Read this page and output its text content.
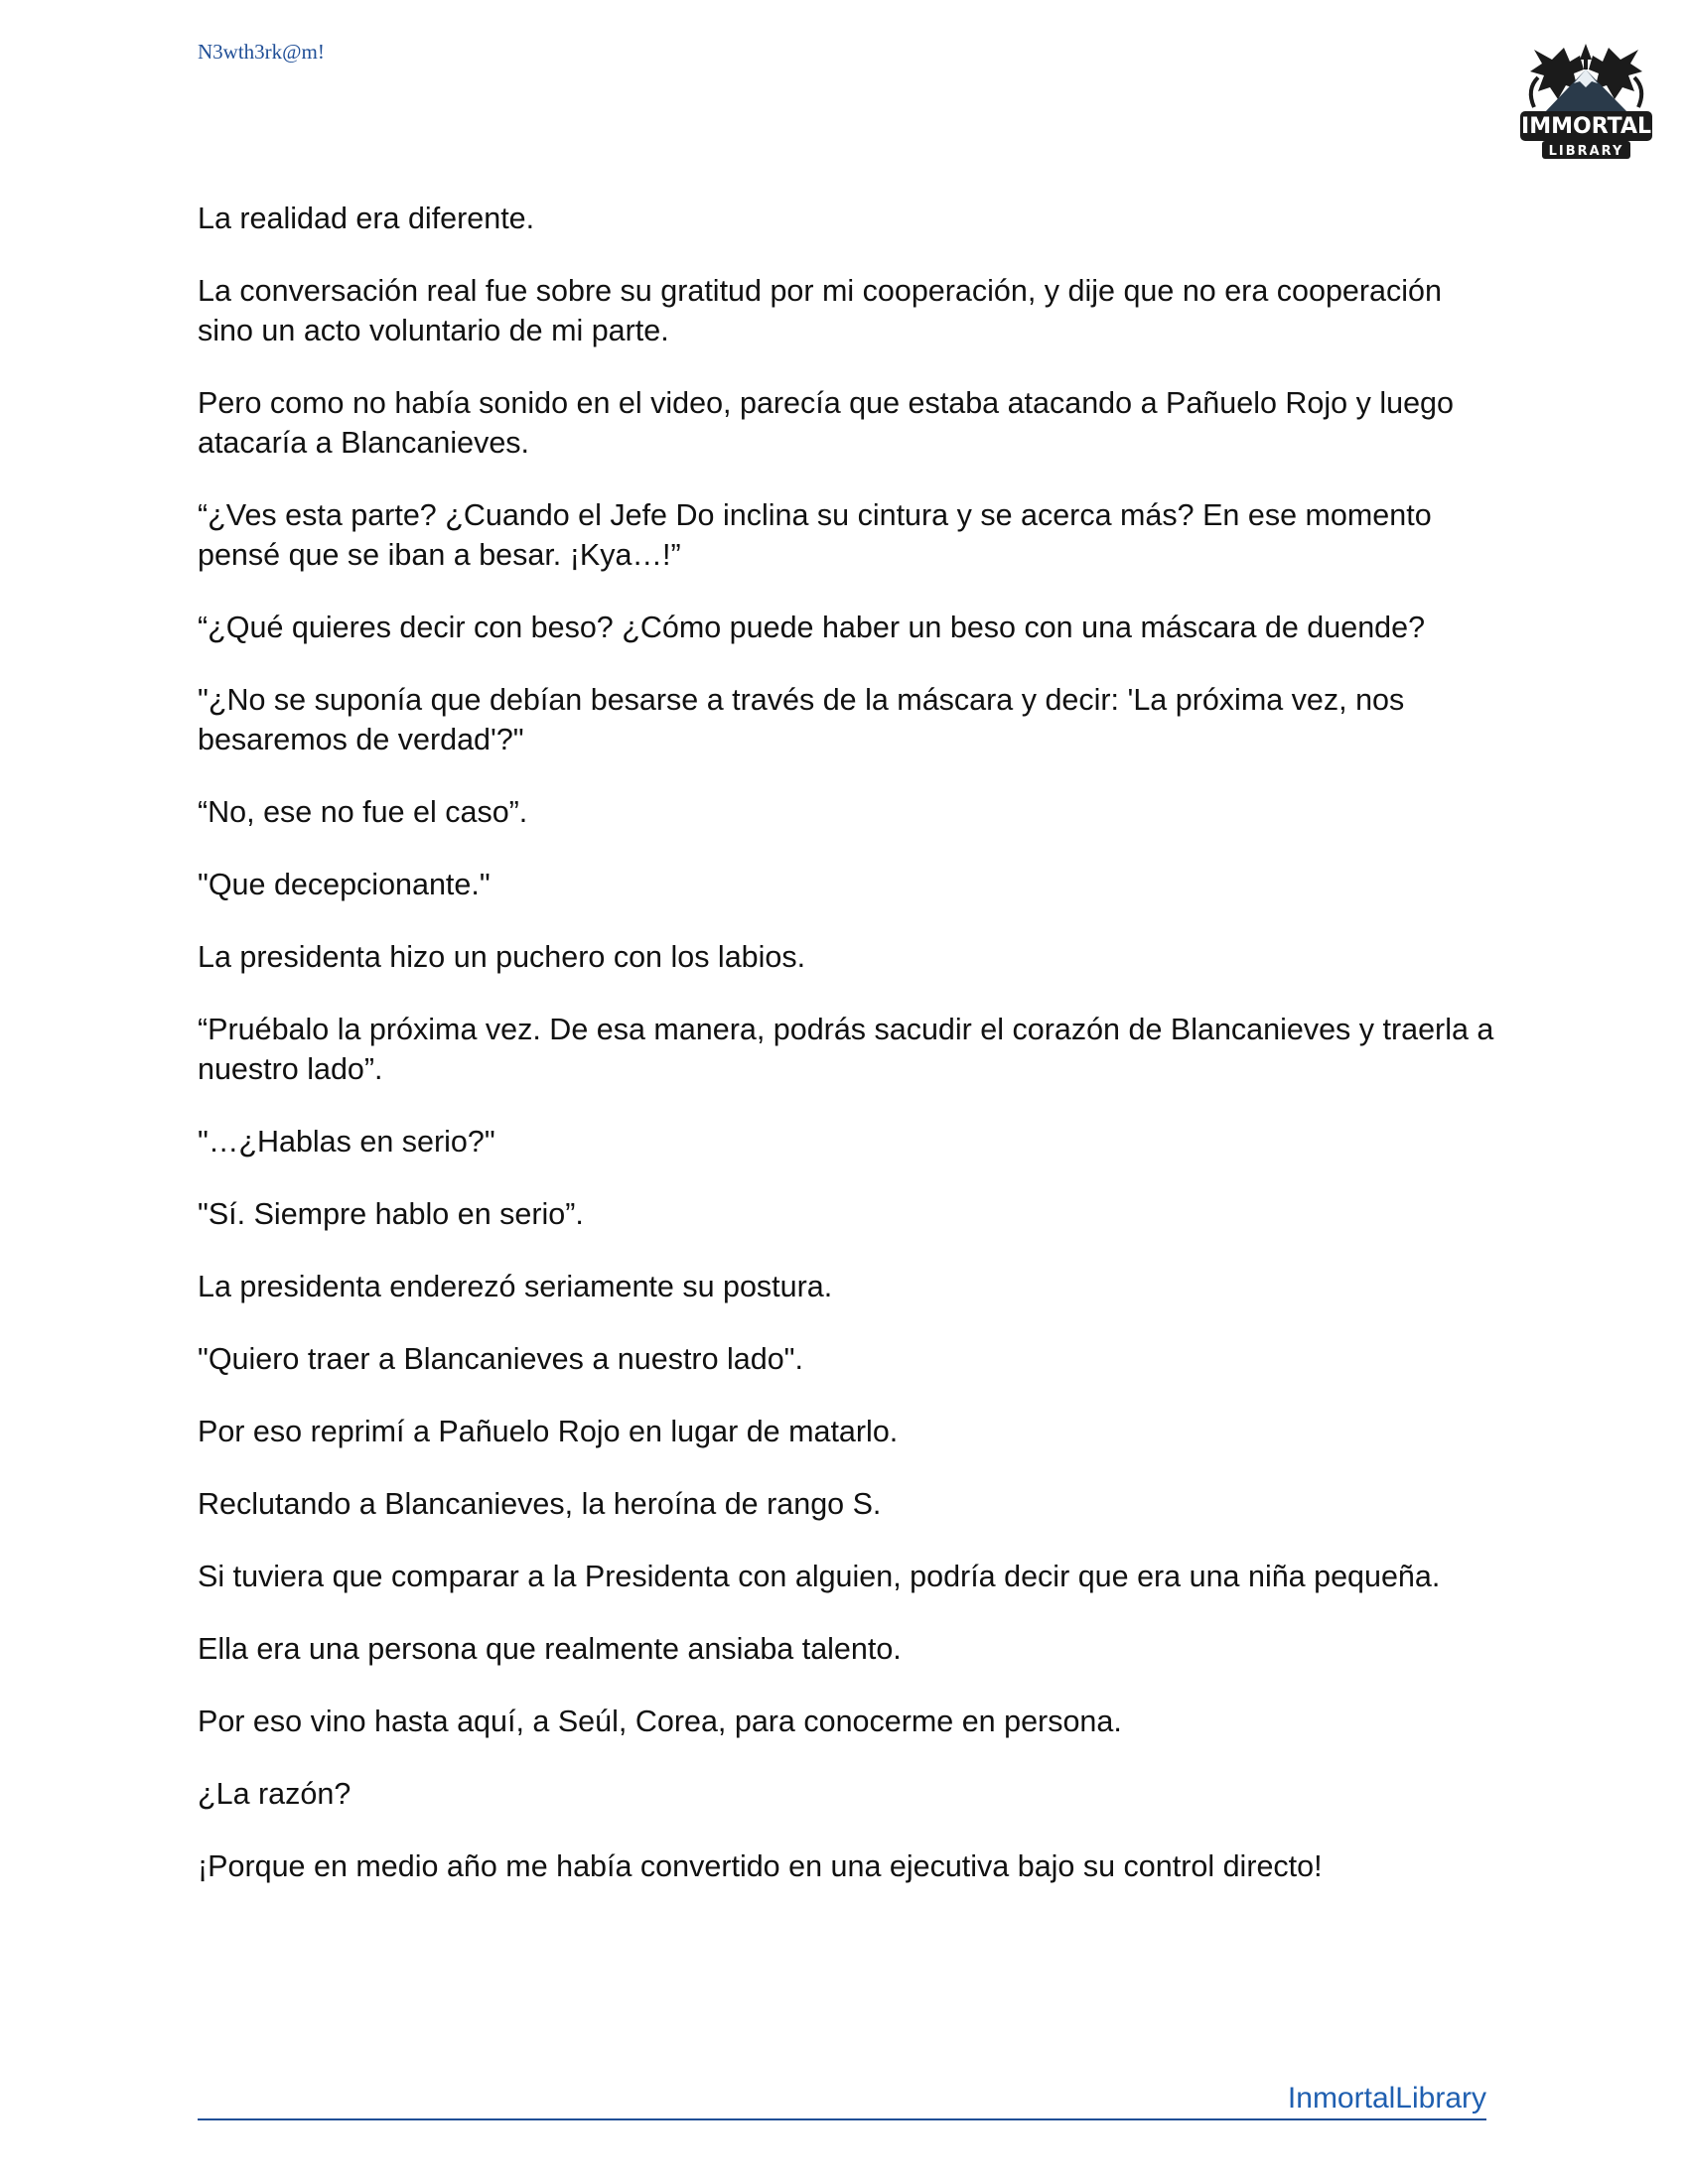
N3wth3rk@m!
IMMORTAL
LIBRARY

La realidad era diferente.

La conversación real fue sobre su gratitud por mi cooperación, y dije que no era cooperación sino un acto voluntario de mi parte.

Pero como no había sonido en el video, parecía que estaba atacando a Pañuelo Rojo y luego atacaría a Blancanieves.

“¿Ves esta parte? ¿Cuando el Jefe Do inclina su cintura y se acerca más? En ese momento pensé que se iban a besar. ¡Kya…!”

“¿Qué quieres decir con beso? ¿Cómo puede haber un beso con una máscara de duende?

"¿No se suponía que debían besarse a través de la máscara y decir: 'La próxima vez, nos besaremos de verdad'?"

“No, ese no fue el caso”.

"Que decepcionante."

La presidenta hizo un puchero con los labios.

“Pruébalo la próxima vez. De esa manera, podrás sacudir el corazón de Blancanieves y traerla a nuestro lado”.

"…¿Hablas en serio?"

"Sí. Siempre hablo en serio”.

La presidenta enderezó seriamente su postura.

"Quiero traer a Blancanieves a nuestro lado".

Por eso reprimí a Pañuelo Rojo en lugar de matarlo.

Reclutando a Blancanieves, la heroína de rango S.

Si tuviera que comparar a la Presidenta con alguien, podría decir que era una niña pequeña.

Ella era una persona que realmente ansiaba talento.

Por eso vino hasta aquí, a Seúl, Corea, para conocerme en persona.

¿La razón?

¡Porque en medio año me había convertido en una ejecutiva bajo su control directo!

InmortalLibrary
